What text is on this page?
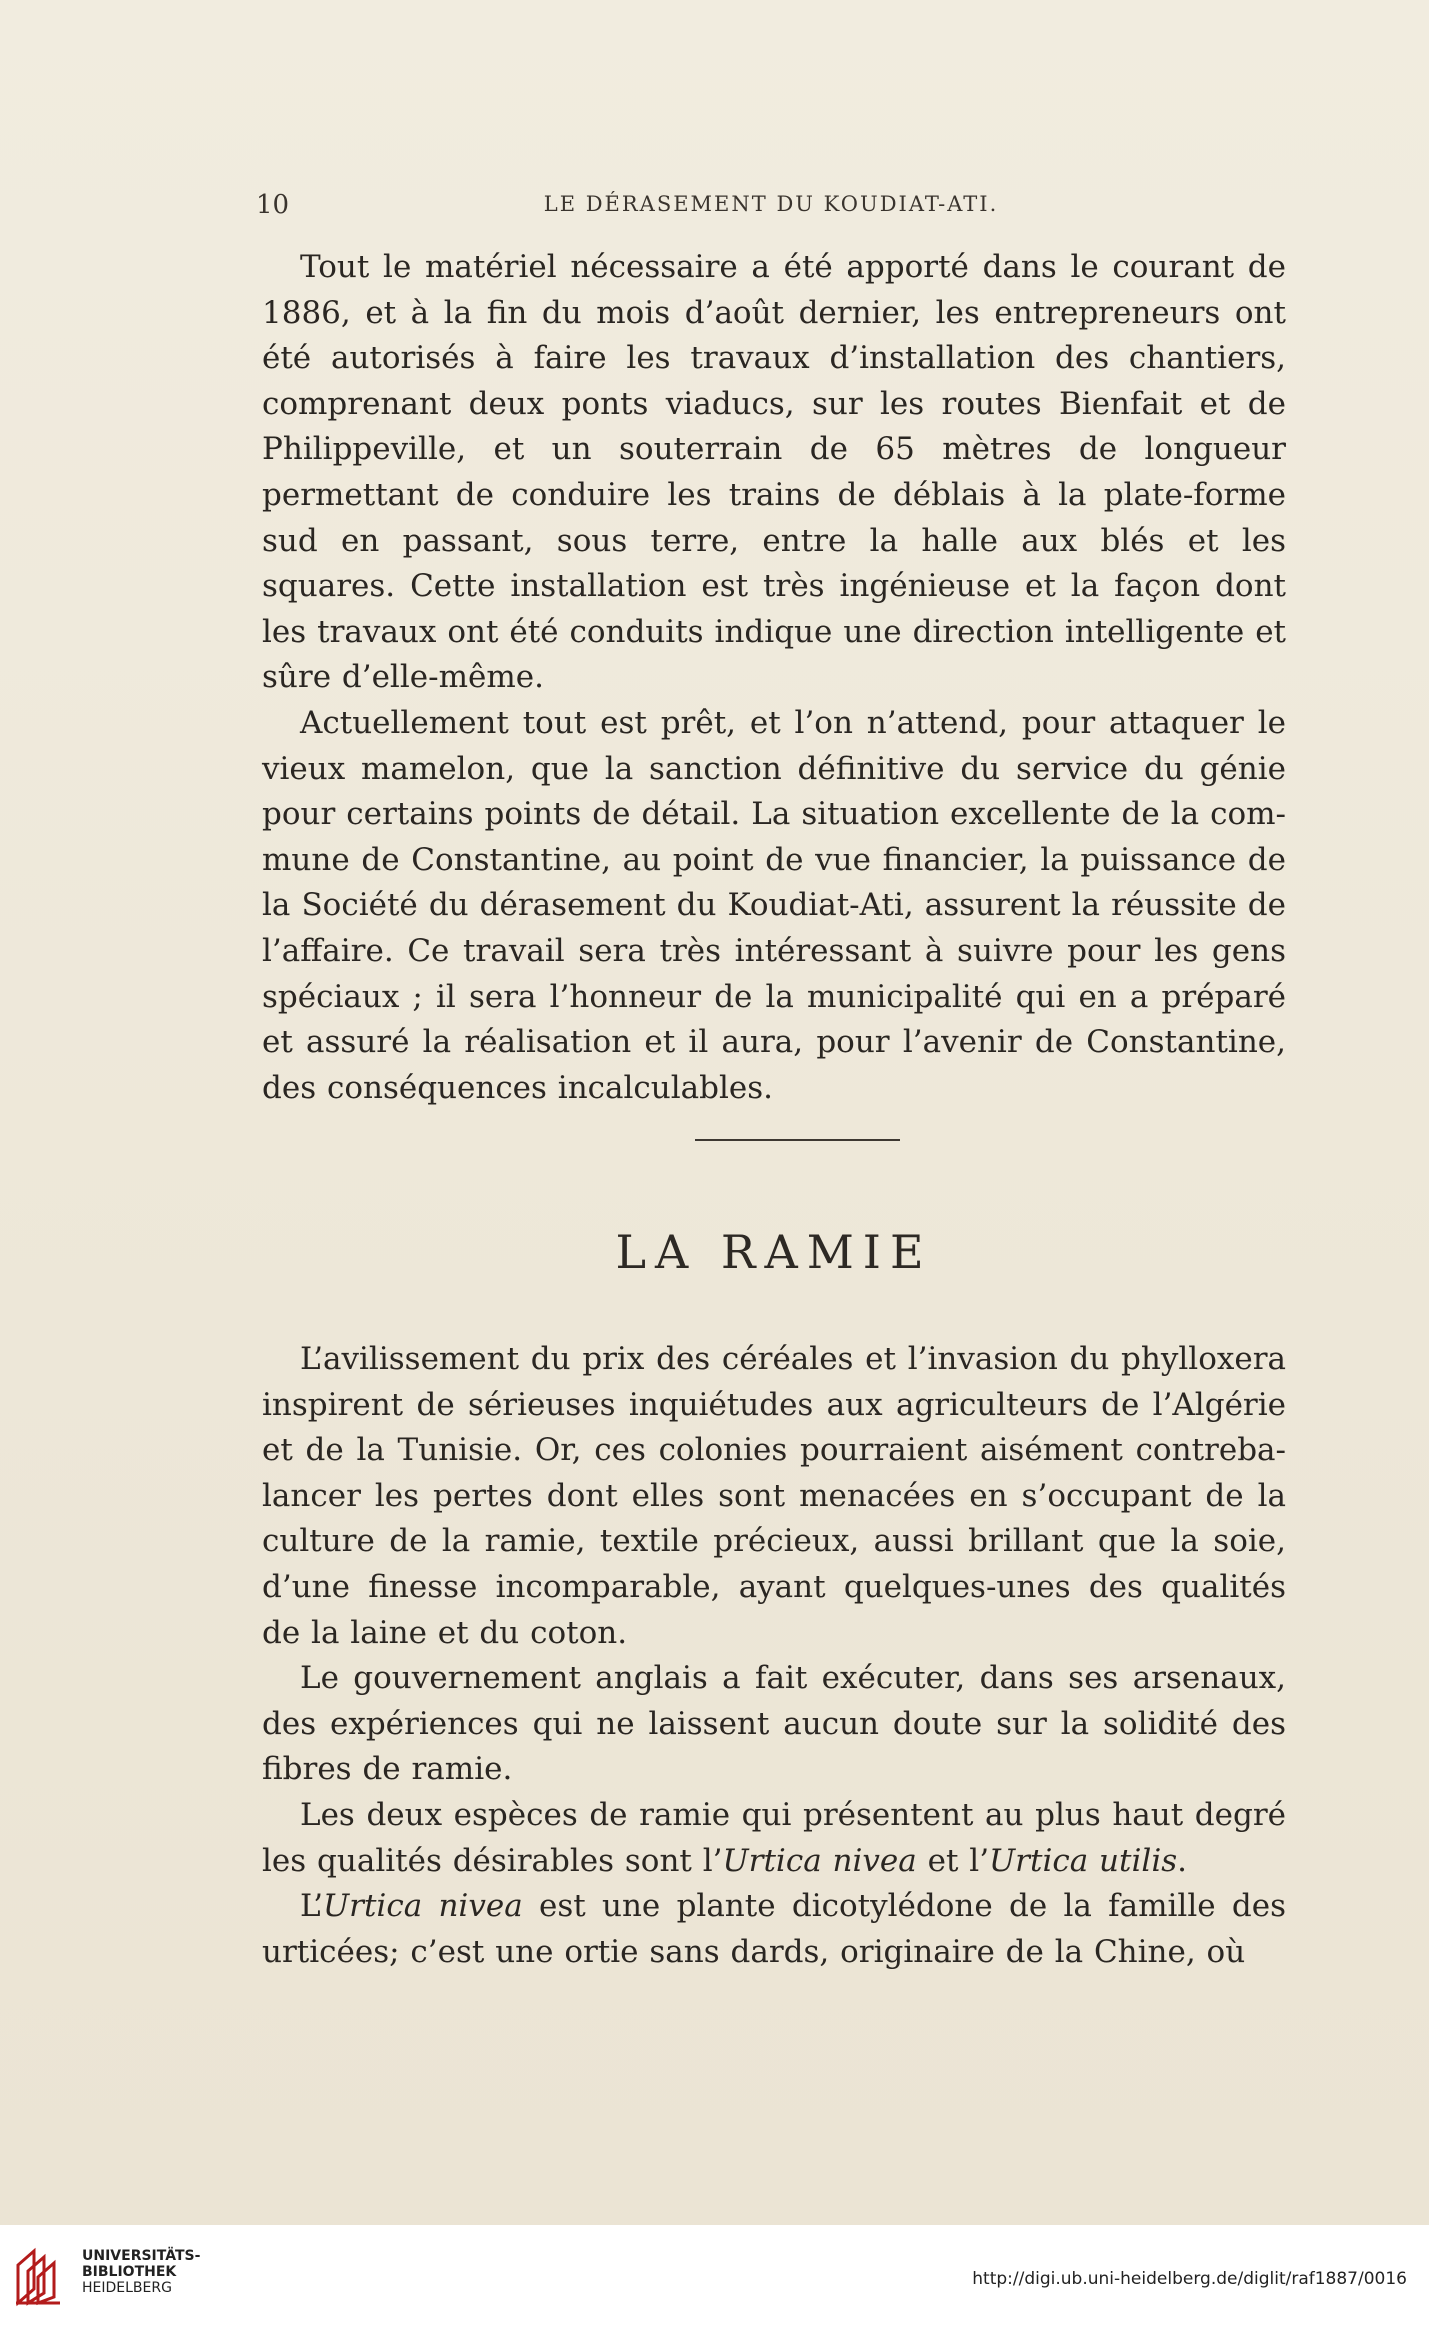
10	LE DÉRASEMENT DU KOUDIAT-ATI.

Tout le matériel nécessaire a été apporté dans le courant de 1886, et à la fin du mois d’août dernier, les entrepreneurs ont été autorisés à faire les travaux d’installation des chantiers, comprenant deux ponts viaducs, sur les routes Bienfait et de Philippeville, et un souterrain de 65 mètres de longueur permettant de conduire les trains de déblais à la plate-forme sud en passant, sous terre, entre la halle aux blés et les squares. Cette installation est très ingénieuse et la façon dont les travaux ont été conduits indique une direction intelligente et sûre d’elle-même.

Actuellement tout est prêt, et l’on n’attend, pour attaquer le vieux mamelon, que la sanction définitive du service du génie pour certains points de détail. La situation excellente de la commune de Constantine, au point de vue financier, la puissance de la Société du dérasement du Koudiat-Ati, assurent la réussite de l’affaire. Ce travail sera très intéressant à suivre pour les gens spéciaux ; il sera l’honneur de la municipalité qui en a préparé et assuré la réalisation et il aura, pour l’avenir de Constantine, des conséquences incalculables.

LA RAMIE

L’avilissement du prix des céréales et l’invasion du phylloxera inspirent de sérieuses inquiétudes aux agriculteurs de l’Algérie et de la Tunisie. Or, ces colonies pourraient aisément contrebalancer les pertes dont elles sont menacées en s’occupant de la culture de la ramie, textile précieux, aussi brillant que la soie, d’une finesse incomparable, ayant quelques-unes des qualités de la laine et du coton.

Le gouvernement anglais a fait exécuter, dans ses arsenaux, des expériences qui ne laissent aucun doute sur la solidité des fibres de ramie.

Les deux espèces de ramie qui présentent au plus haut degré les qualités désirables sont l’Urtica nivea et l’Urtica utilis.

L’Urtica nivea est une plante dicotylédone de la famille des urticées; c’est une ortie sans dards, originaire de la Chine, où

UNIVERSITÄTS-
BIBLIOTHEK
HEIDELBERG	http://digi.ub.uni-heidelberg.de/diglit/raf1887/0016
